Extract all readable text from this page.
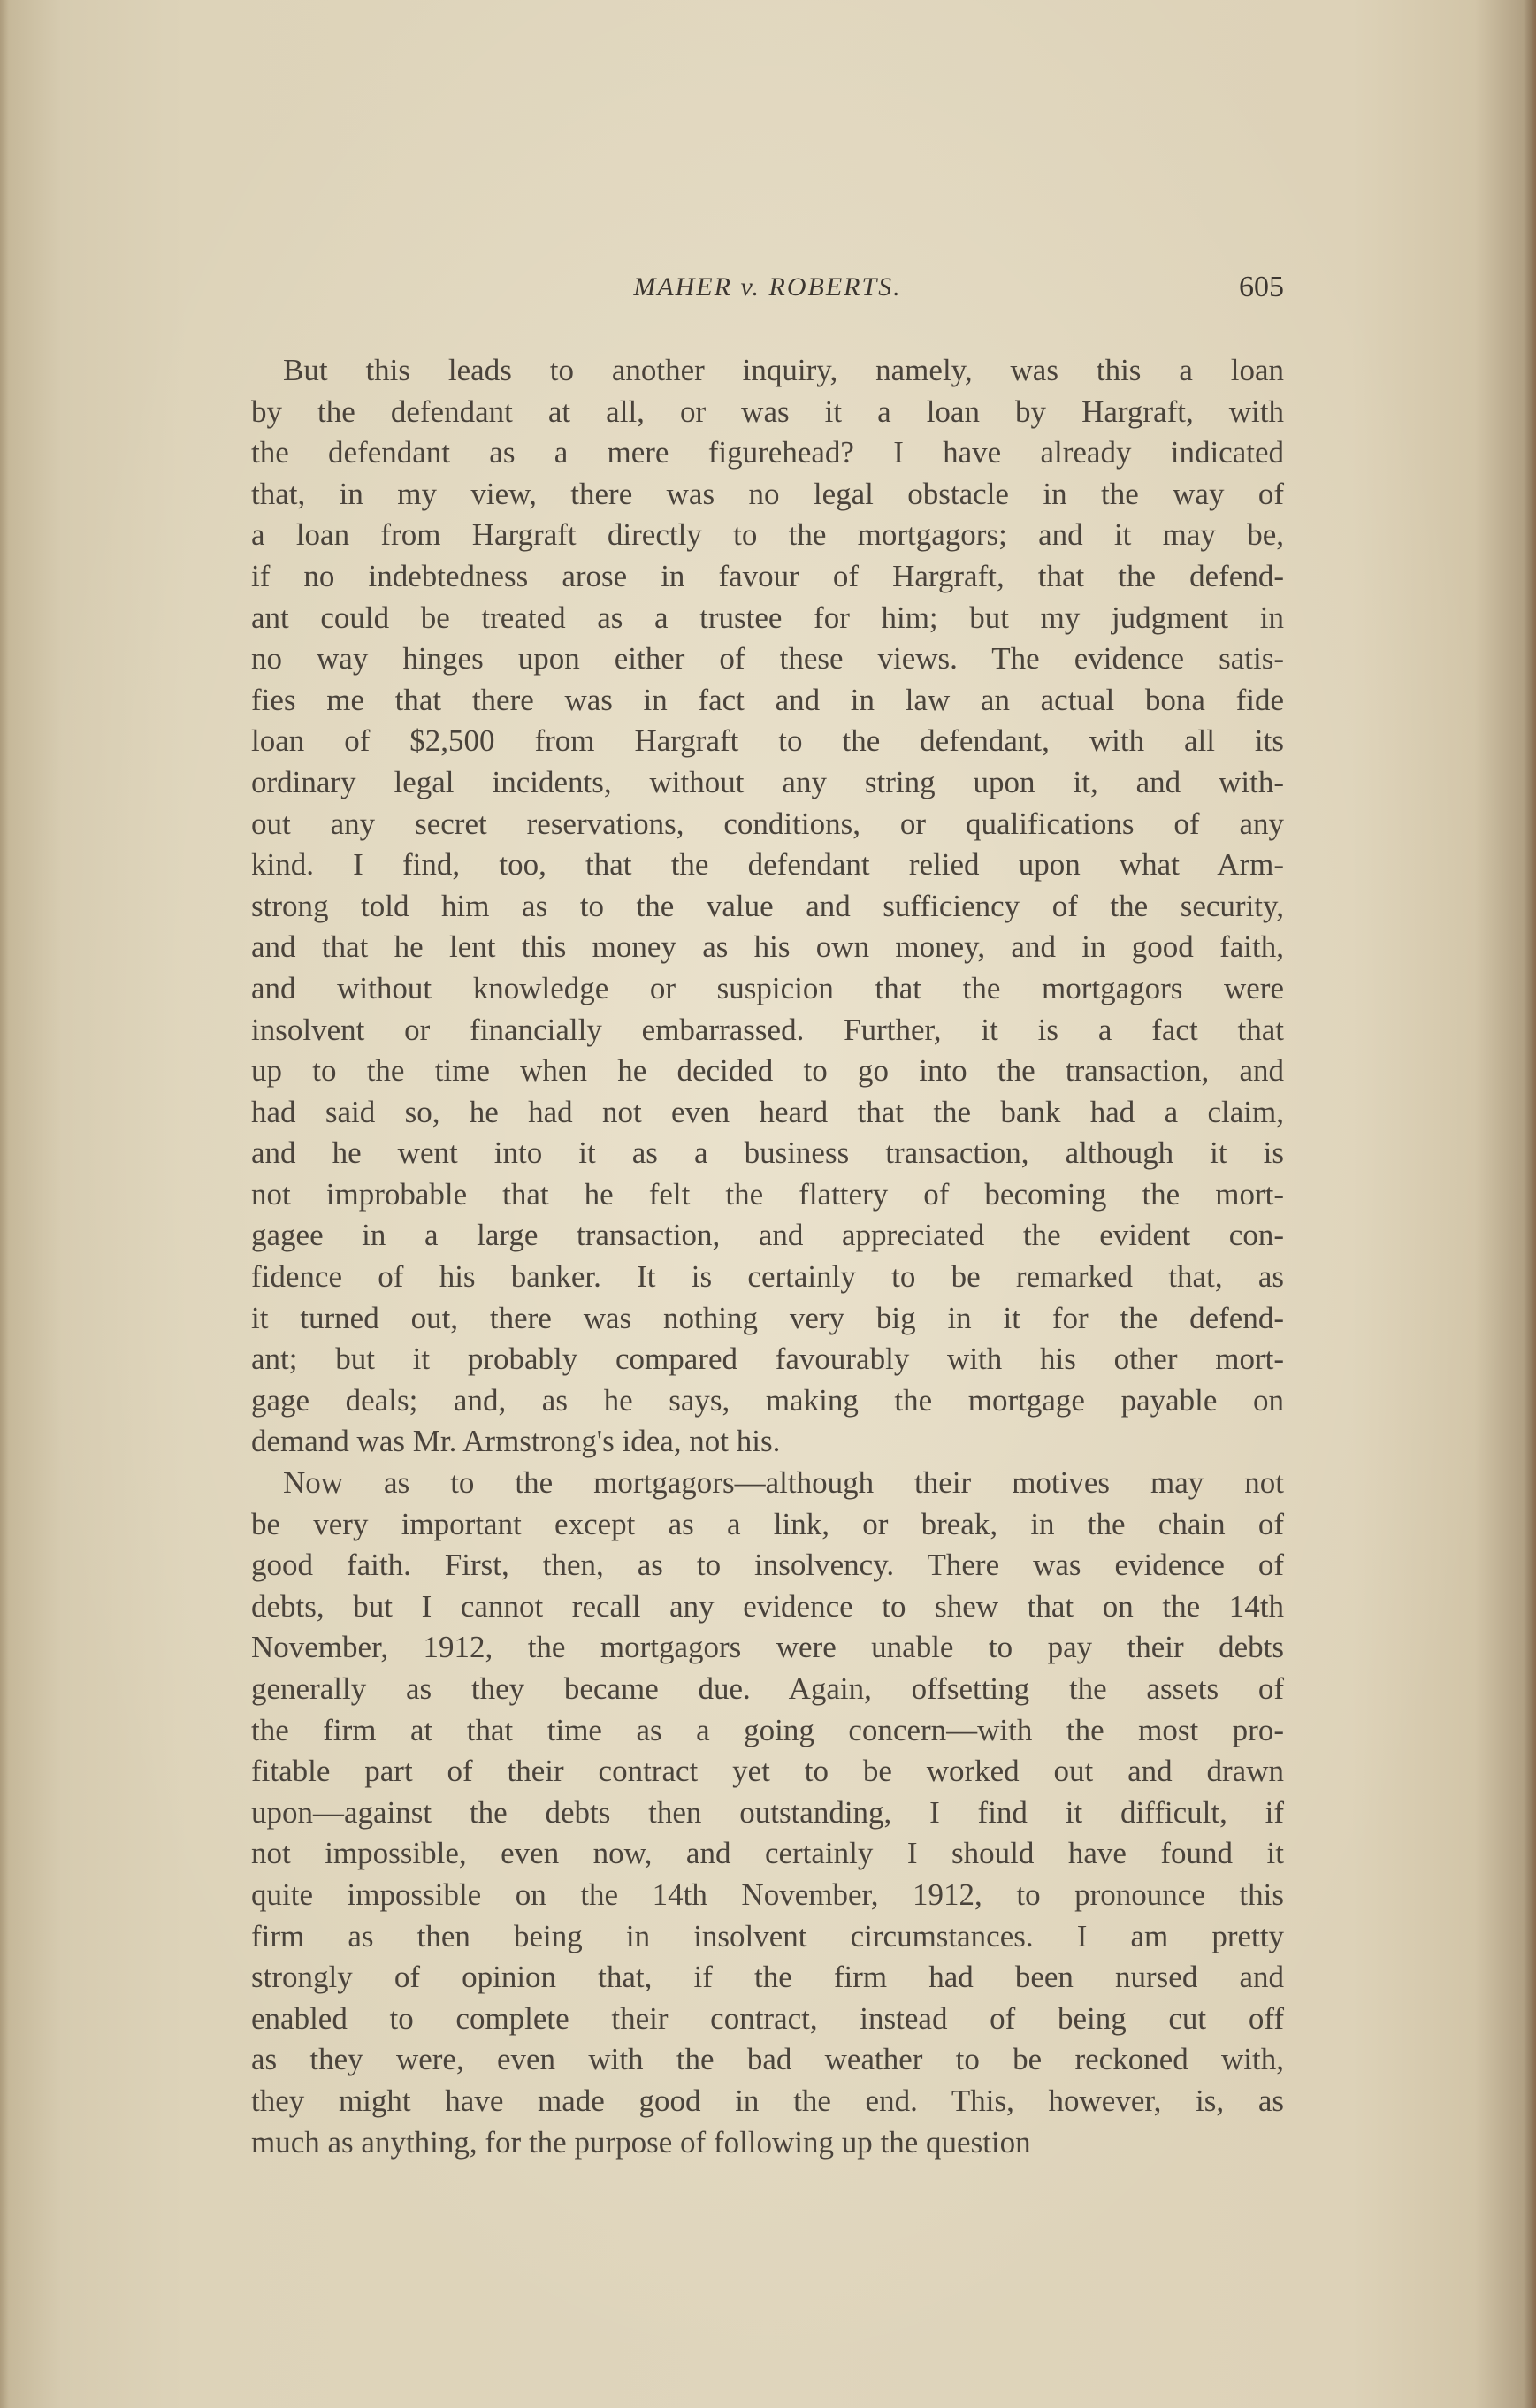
MAHER v. ROBERTS.	605
But this leads to another inquiry, namely, was this a loan
by the defendant at all, or was it a loan by Hargraft, with
the defendant as a mere figurehead? I have already indicated
that, in my view, there was no legal obstacle in the way of
a loan from Hargraft directly to the mortgagors; and it may be,
if no indebtedness arose in favour of Hargraft, that the defend-
ant could be treated as a trustee for him; but my judgment in
no way hinges upon either of these views. The evidence satis-
fies me that there was in fact and in law an actual bona fide
loan of $2,500 from Hargraft to the defendant, with all its
ordinary legal incidents, without any string upon it, and with-
out any secret reservations, conditions, or qualifications of any
kind. I find, too, that the defendant relied upon what Arm-
strong told him as to the value and sufficiency of the security,
and that he lent this money as his own money, and in good faith,
and without knowledge or suspicion that the mortgagors were
insolvent or financially embarrassed. Further, it is a fact that
up to the time when he decided to go into the transaction, and
had said so, he had not even heard that the bank had a claim,
and he went into it as a business transaction, although it is
not improbable that he felt the flattery of becoming the mort-
gagee in a large transaction, and appreciated the evident con-
fidence of his banker. It is certainly to be remarked that, as
it turned out, there was nothing very big in it for the defend-
ant; but it probably compared favourably with his other mort-
gage deals; and, as he says, making the mortgage payable on
demand was Mr. Armstrong's idea, not his.
Now as to the mortgagors—although their motives may not
be very important except as a link, or break, in the chain of
good faith. First, then, as to insolvency. There was evidence of
debts, but I cannot recall any evidence to shew that on the 14th
November, 1912, the mortgagors were unable to pay their debts
generally as they became due. Again, offsetting the assets of
the firm at that time as a going concern—with the most pro-
fitable part of their contract yet to be worked out and drawn
upon—against the debts then outstanding, I find it difficult, if
not impossible, even now, and certainly I should have found it
quite impossible on the 14th November, 1912, to pronounce this
firm as then being in insolvent circumstances. I am pretty
strongly of opinion that, if the firm had been nursed and
enabled to complete their contract, instead of being cut off
as they were, even with the bad weather to be reckoned with,
they might have made good in the end. This, however, is, as
much as anything, for the purpose of following up the question
